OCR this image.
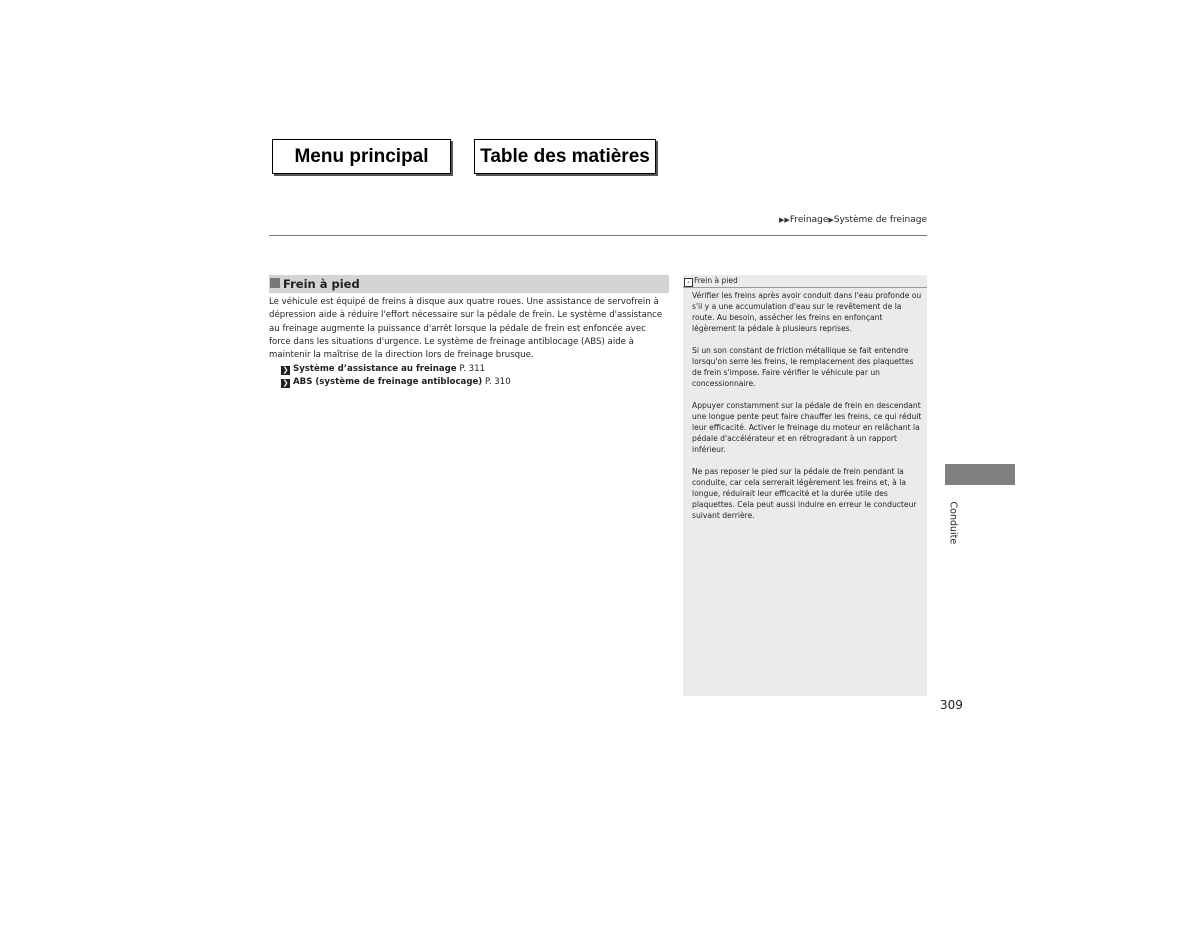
Menu principal	Table des matières
▶▶Freinage▶Système de freinage
Frein à pied
Le véhicule est équipé de freins à disque aux quatre roues. Une assistance de servofrein à dépression aide à réduire l'effort nécessaire sur la pédale de frein. Le système d'assistance au freinage augmente la puissance d'arrêt lorsque la pédale de frein est enfoncée avec force dans les situations d'urgence. Le système de freinage antiblocage (ABS) aide à maintenir la maîtrise de la direction lors de freinage brusque.
❯ Système d’assistance au freinage P. 311
❯ ABS (système de freinage antiblocage) P. 310
› Frein à pied
Vérifier les freins après avoir conduit dans l'eau profonde ou s'il y a une accumulation d'eau sur le revêtement de la route. Au besoin, assécher les freins en enfonçant légèrement la pédale à plusieurs reprises.
Si un son constant de friction métallique se fait entendre lorsqu'on serre les freins, le remplacement des plaquettes de frein s'impose. Faire vérifier le véhicule par un concessionnaire.
Appuyer constamment sur la pédale de frein en descendant une longue pente peut faire chauffer les freins, ce qui réduit leur efficacité. Activer le freinage du moteur en relâchant la pédale d'accélérateur et en rétrogradant à un rapport inférieur.
Ne pas reposer le pied sur la pédale de frein pendant la conduite, car cela serrerait légèrement les freins et, à la longue, réduirait leur efficacité et la durée utile des plaquettes. Cela peut aussi induire en erreur le conducteur suivant derrière.	Conduite
309
